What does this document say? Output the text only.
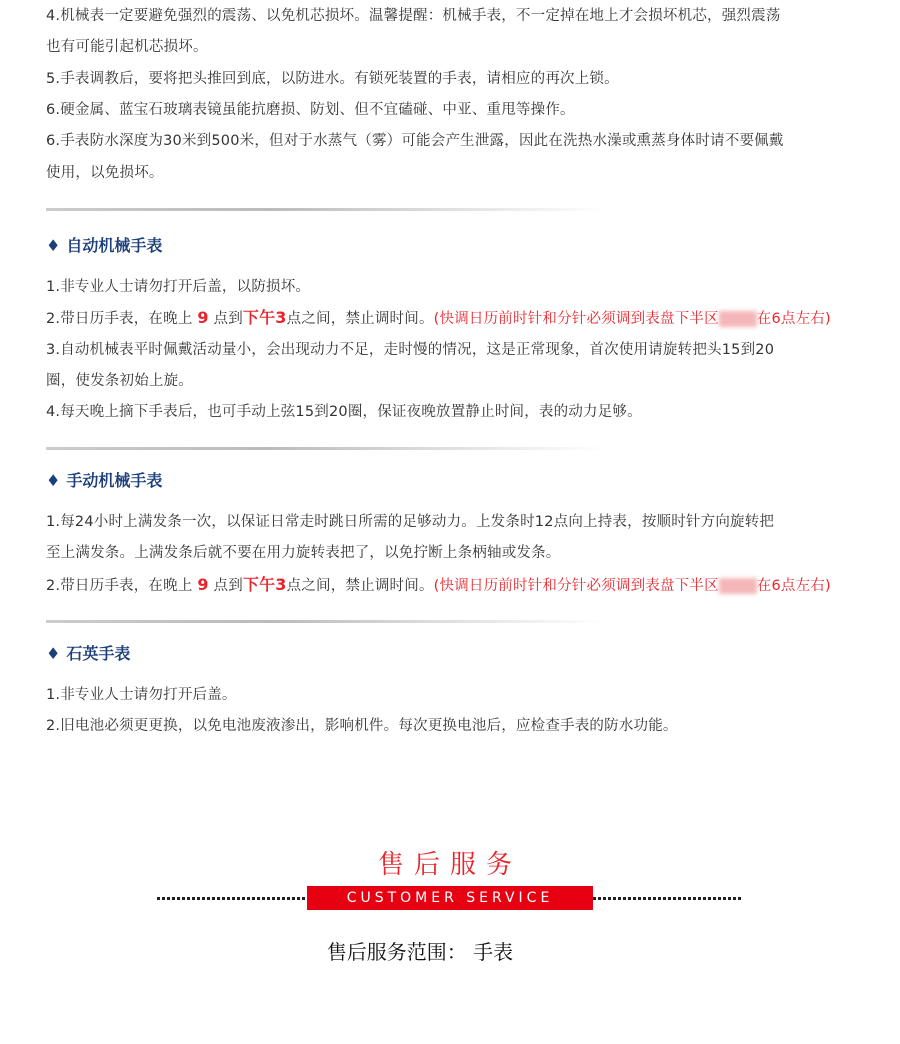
售后服务
CUSTOMER SERVICE
售后服务范围： 手表
4.机械表一定要避免强烈的震荡、以免机芯损坏。温馨提醒：机械手表，不一定掉在地上才会损坏机芯，强烈震荡
也有可能引起机芯损坏。
5.手表调教后，要将把头推回到底，以防进水。有锁死装置的手表，请相应的再次上锁。
6.硬金属、蓝宝石玻璃表镜虽能抗磨损、防划、但不宜磕碰、中亚、重甩等操作。
6.手表防水深度为30米到500米，但对于水蒸气（雾）可能会产生泄露，因此在洗热水澡或熏蒸身体时请不要佩戴
使用，以免损坏。
♦ 自动机械手表
1.非专业人士请勿打开后盖，以防损坏。
2.带日历手表，在晚上 9 点到下午3点之间，禁止调时间。(快调日历前时针和分针必须调到表盘下半区	在6点左右)
3.自动机械表平时佩戴活动量小，会出现动力不足，走时慢的情况，这是正常现象，首次使用请旋转把头15到20
圈，使发条初始上旋。
4.每天晚上摘下手表后，也可手动上弦15到20圈，保证夜晚放置静止时间，表的动力足够。
♦ 手动机械手表
1.每24小时上满发条一次，以保证日常走时跳日所需的足够动力。上发条时12点向上持表，按顺时针方向旋转把
至上满发条。上满发条后就不要在用力旋转表把了，以免拧断上条柄轴或发条。
2.带日历手表，在晚上 9 点到下午3点之间，禁止调时间。(快调日历前时针和分针必须调到表盘下半区	在6点左右)
♦ 石英手表
1.非专业人士请勿打开后盖。
2.旧电池必须更更换，以免电池废液渗出，影响机件。每次更换电池后，应检查手表的防水功能。
